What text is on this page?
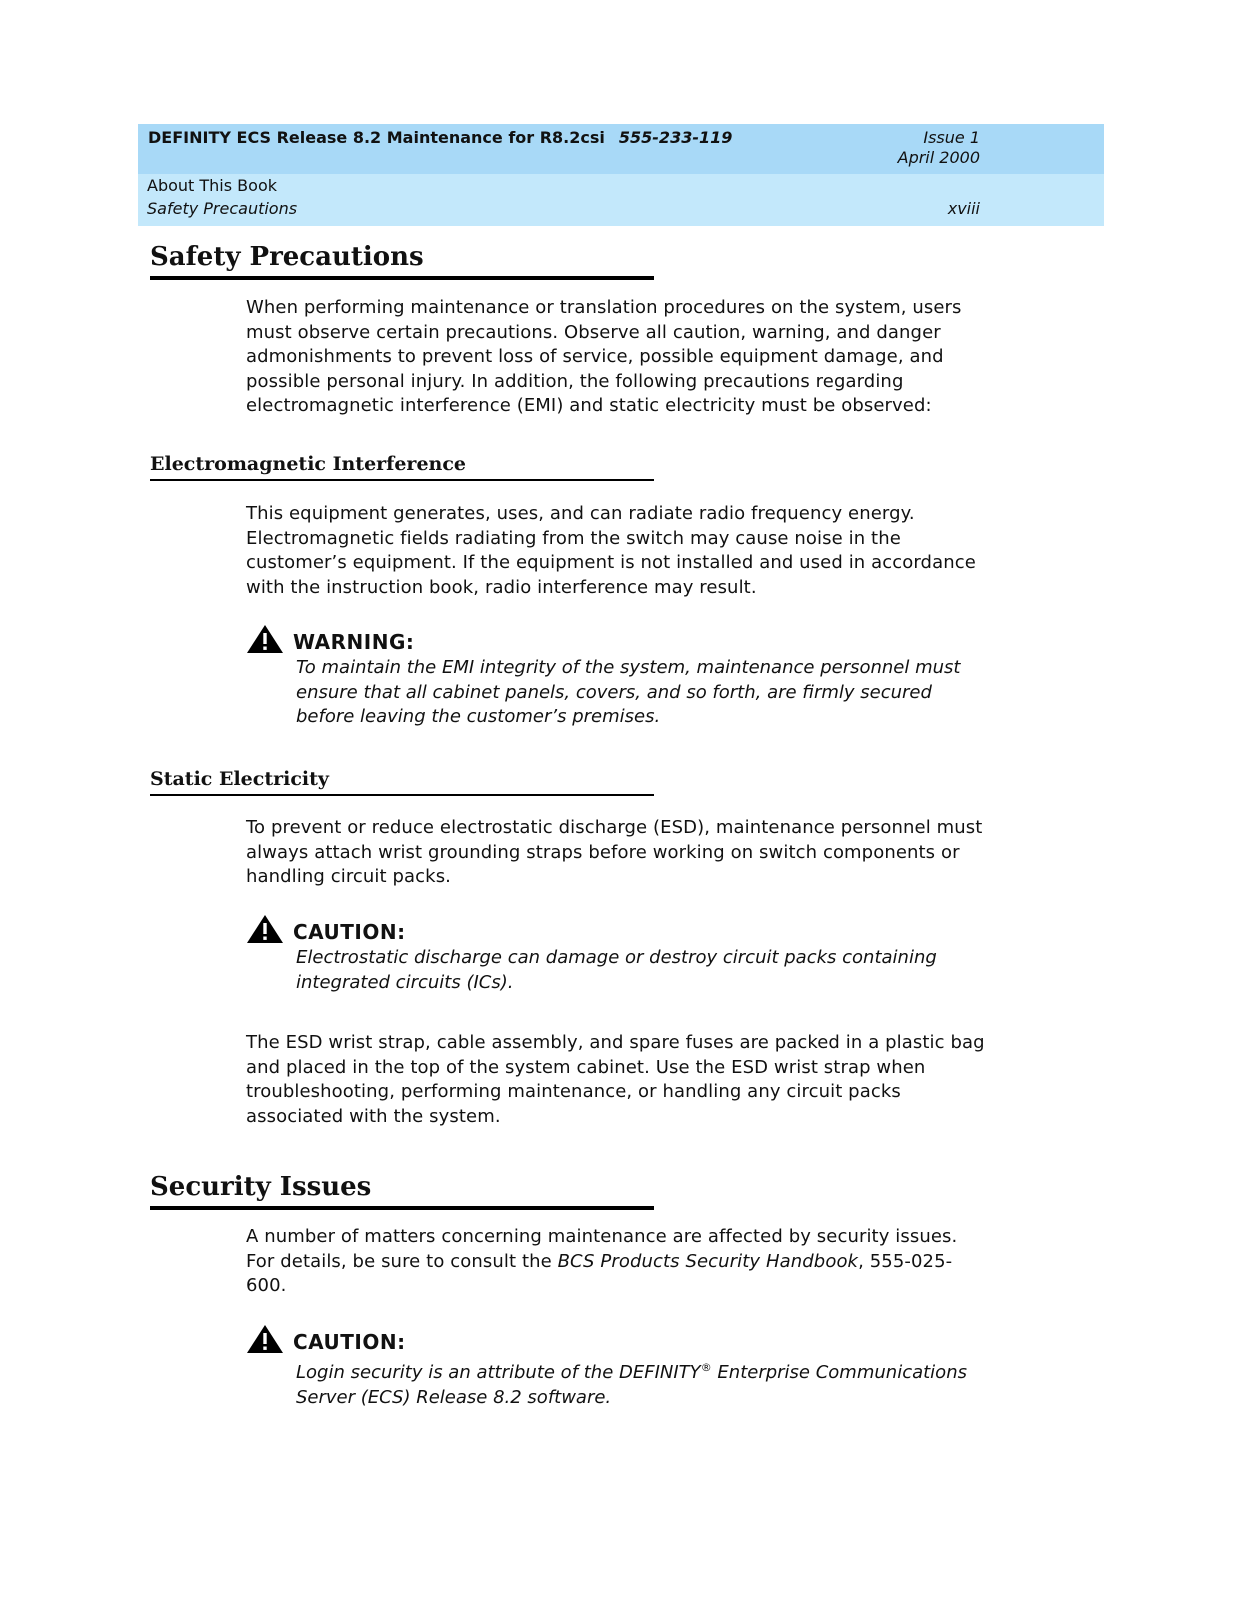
DEFINITY ECS Release 8.2 Maintenance for R8.2csi 555-233-119	Issue 1
April 2000
About This Book
Safety Precautions	xviii
Safety Precautions
When performing maintenance or translation procedures on the system, users must observe certain precautions. Observe all caution, warning, and danger admonishments to prevent loss of service, possible equipment damage, and possible personal injury. In addition, the following precautions regarding electromagnetic interference (EMI) and static electricity must be observed:
Electromagnetic Interference
This equipment generates, uses, and can radiate radio frequency energy. Electromagnetic fields radiating from the switch may cause noise in the customer’s equipment. If the equipment is not installed and used in accordance with the instruction book, radio interference may result.
WARNING:
To maintain the EMI integrity of the system, maintenance personnel must ensure that all cabinet panels, covers, and so forth, are firmly secured before leaving the customer’s premises.
Static Electricity
To prevent or reduce electrostatic discharge (ESD), maintenance personnel must always attach wrist grounding straps before working on switch components or handling circuit packs.
CAUTION:
Electrostatic discharge can damage or destroy circuit packs containing integrated circuits (ICs).
The ESD wrist strap, cable assembly, and spare fuses are packed in a plastic bag and placed in the top of the system cabinet. Use the ESD wrist strap when troubleshooting, performing maintenance, or handling any circuit packs associated with the system.
Security Issues
A number of matters concerning maintenance are affected by security issues. For details, be sure to consult the BCS Products Security Handbook, 555-025-600.
CAUTION:
Login security is an attribute of the DEFINITY® Enterprise Communications Server (ECS) Release 8.2 software.
